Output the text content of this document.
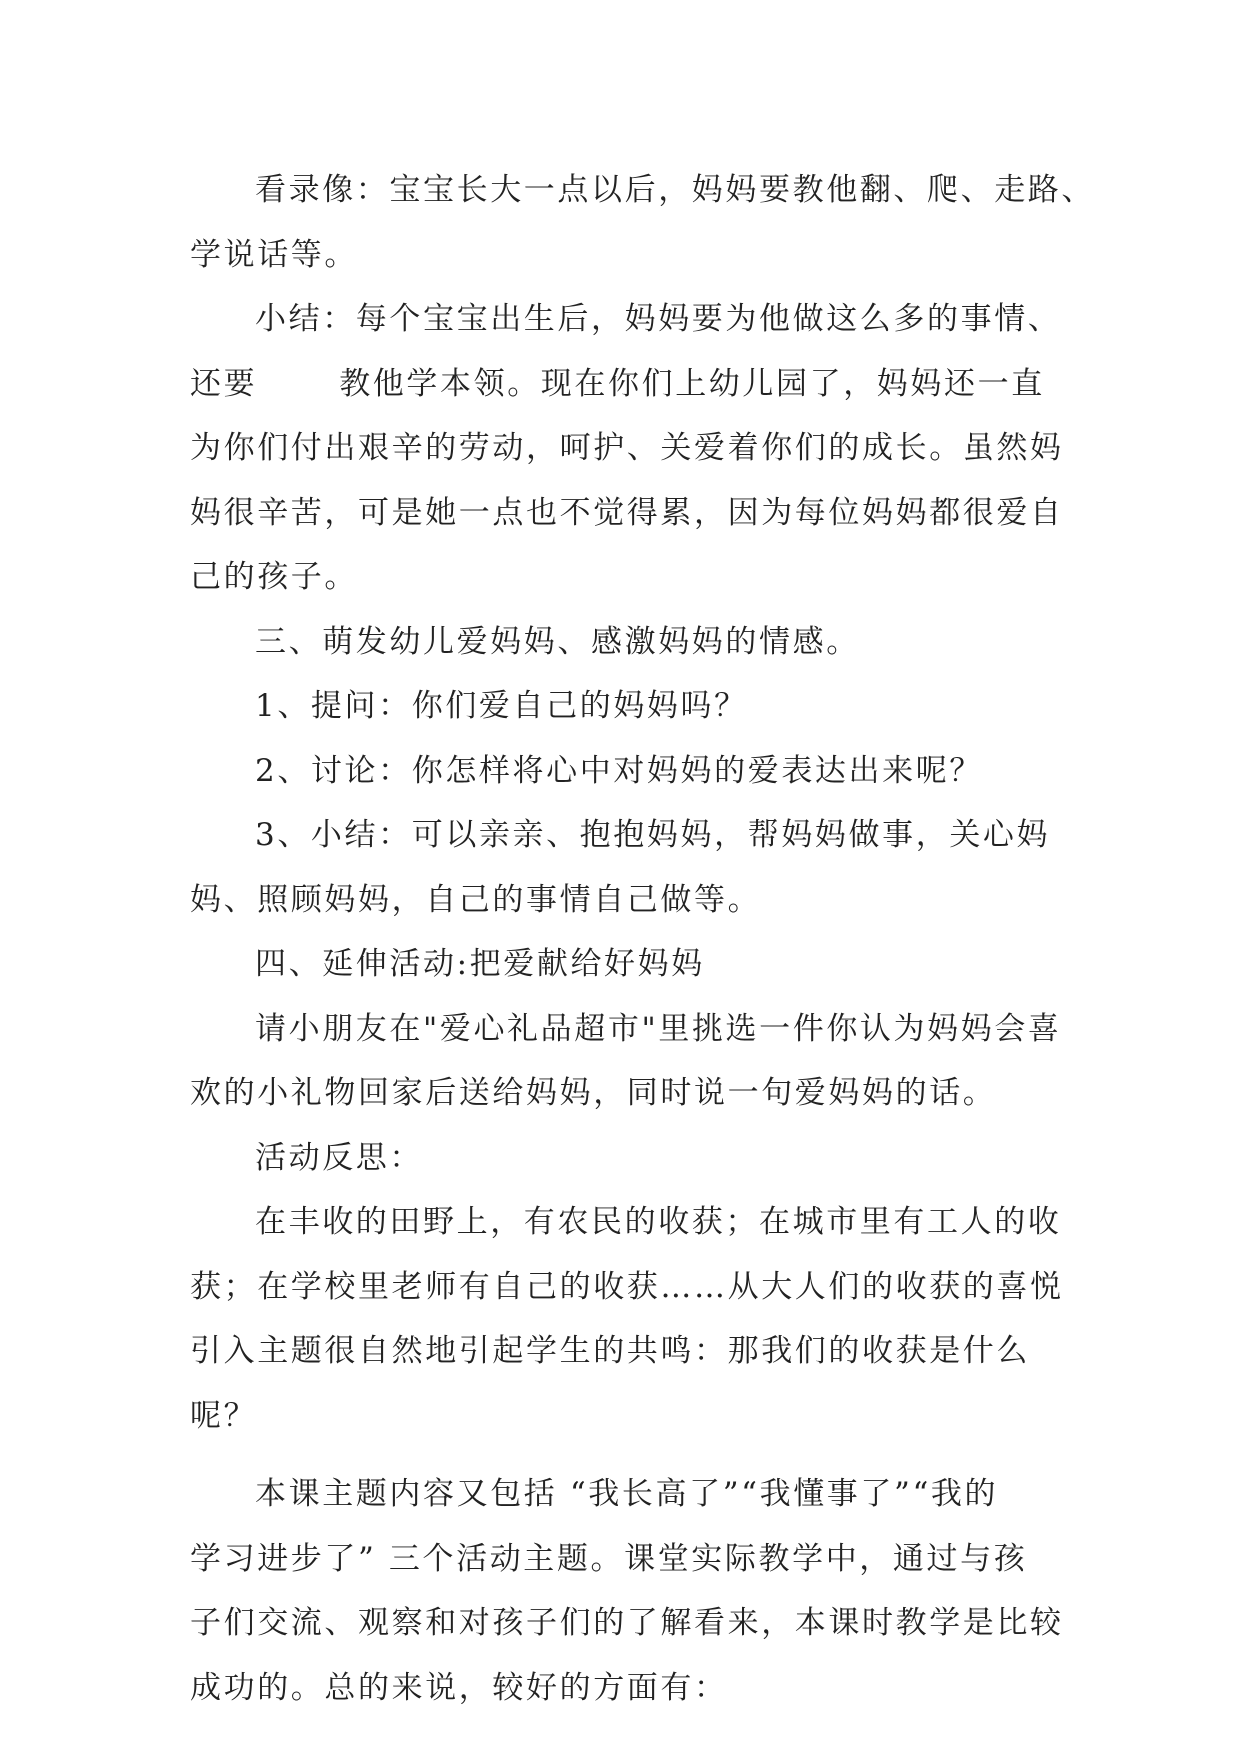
看录像：宝宝长大一点以后，妈妈要教他翻、爬、走路、
学说话等。
小结：每个宝宝出生后，妈妈要为他做这么多的事情、
还要	教他学本领。现在你们上幼儿园了，妈妈还一直
为你们付出艰辛的劳动，呵护、关爱着你们的成长。虽然妈
妈很辛苦，可是她一点也不觉得累，因为每位妈妈都很爱自
己的孩子。
三、萌发幼儿爱妈妈、感激妈妈的情感。
1、提问：你们爱自己的妈妈吗？
2、讨论：你怎样将心中对妈妈的爱表达出来呢？
3、小结：可以亲亲、抱抱妈妈，帮妈妈做事，关心妈
妈、照顾妈妈，自己的事情自己做等。
四、延伸活动:把爱献给好妈妈
请小朋友在"爱心礼品超市"里挑选一件你认为妈妈会喜
欢的小礼物回家后送给妈妈，同时说一句爱妈妈的话。
活动反思：
在丰收的田野上，有农民的收获；在城市里有工人的收
获；在学校里老师有自己的收获……从大人们的收获的喜悦
引入主题很自然地引起学生的共鸣：那我们的收获是什么
呢？
本课主题内容又包括 “我长高了”“我懂事了”“我的
学习进步了” 三个活动主题。课堂实际教学中，通过与孩
子们交流、观察和对孩子们的了解看来，本课时教学是比较
成功的。总的来说，较好的方面有：
